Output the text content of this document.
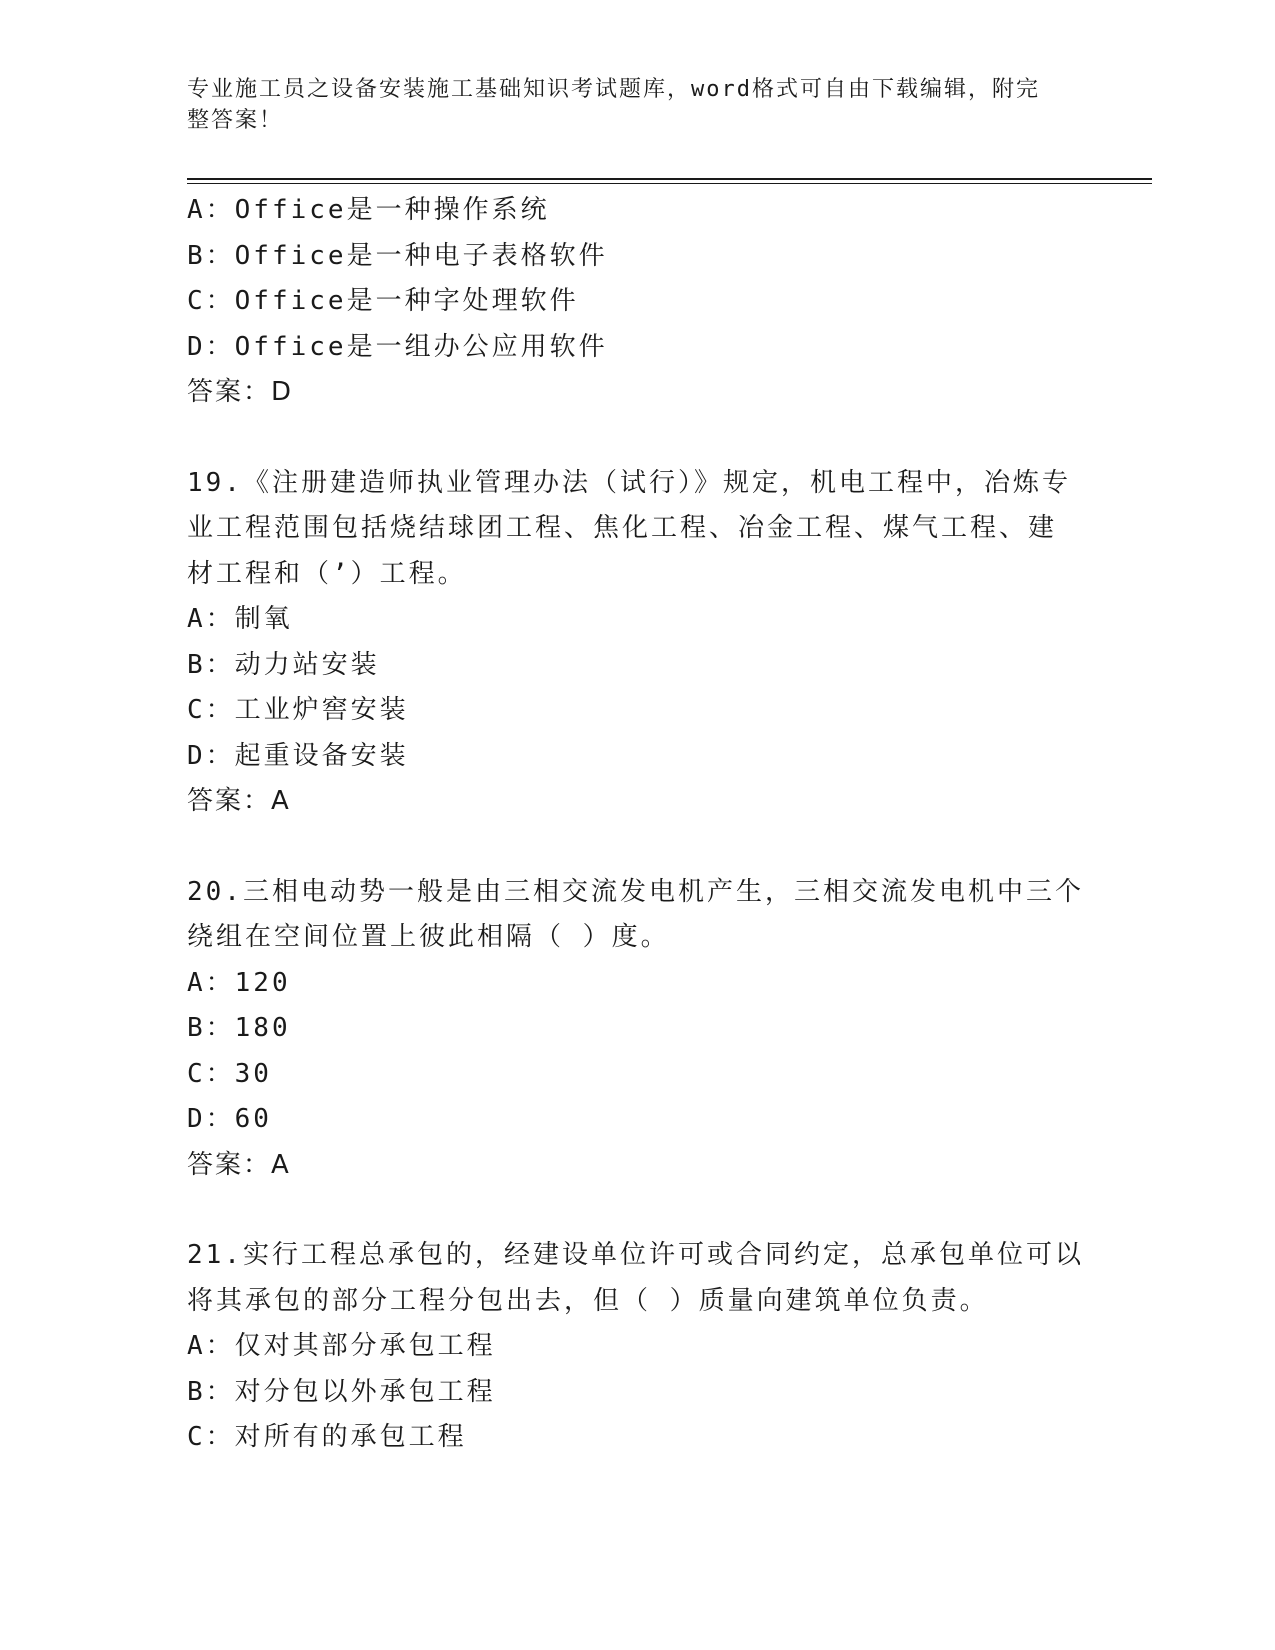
专业施工员之设备安装施工基础知识考试题库，word格式可自由下载编辑，附完
整答案！
A：Office是一种操作系统
B：Office是一种电子表格软件
C：Office是一种字处理软件
D：Office是一组办公应用软件
答案：D
19.《注册建造师执业管理办法（试行）》规定，机电工程中，冶炼专
业工程范围包括烧结球团工程、焦化工程、冶金工程、煤气工程、建
材工程和（’）工程。
A：制氧
B：动力站安装
C：工业炉窖安装
D：起重设备安装
答案：A
20.三相电动势一般是由三相交流发电机产生，三相交流发电机中三个
绕组在空间位置上彼此相隔（ ）度。
A：120
B：180
C：30
D：60
答案：A
21.实行工程总承包的，经建设单位许可或合同约定，总承包单位可以
将其承包的部分工程分包出去，但（ ）质量向建筑单位负责。
A：仅对其部分承包工程
B：对分包以外承包工程
C：对所有的承包工程
